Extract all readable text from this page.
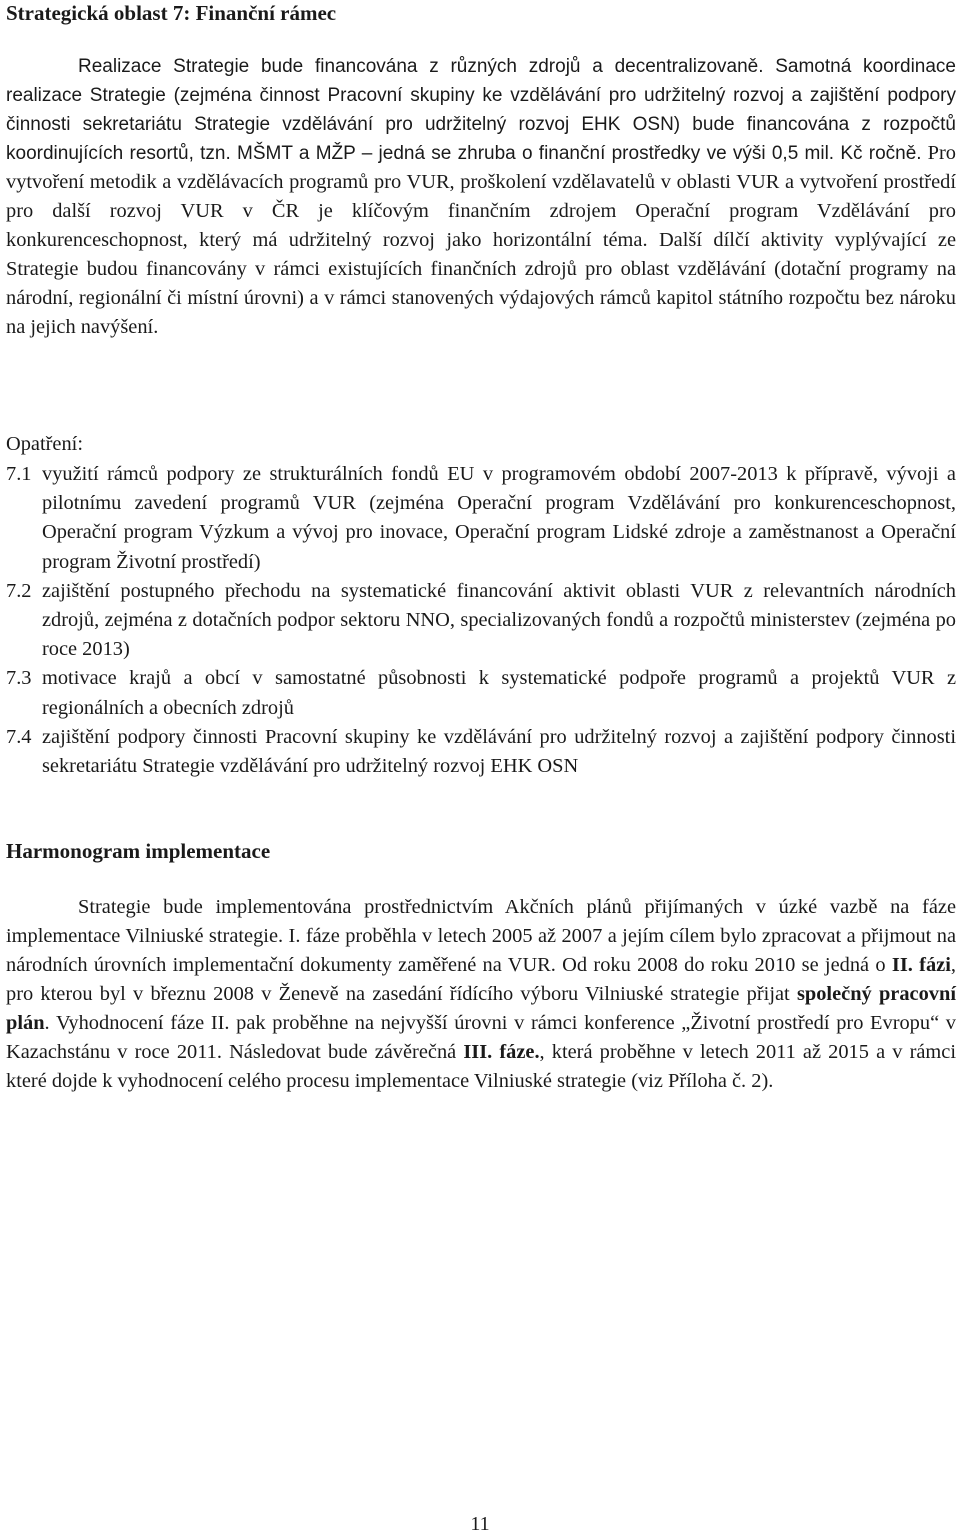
Strategická oblast 7: Finanční rámec

Realizace Strategie bude financována z různých zdrojů a decentralizovaně. Samotná koordinace realizace Strategie (zejména činnost Pracovní skupiny ke vzdělávání pro udržitelný rozvoj a zajištění podpory činnosti sekretariátu Strategie vzdělávání pro udržitelný rozvoj EHK OSN) bude financována z rozpočtů koordinujících resortů, tzn. MŠMT a MŽP – jedná se zhruba o finanční prostředky ve výši 0,5 mil. Kč ročně. Pro vytvoření metodik a vzdělávacích programů pro VUR, proškolení vzdělavatelů v oblasti VUR a vytvoření prostředí pro další rozvoj VUR v ČR je klíčovým finančním zdrojem Operační program Vzdělávání pro konkurenceschopnost, který má udržitelný rozvoj jako horizontální téma. Další dílčí aktivity vyplývající ze Strategie budou financovány v rámci existujících finančních zdrojů pro oblast vzdělávání (dotační programy na národní, regionální či místní úrovni) a v rámci stanovených výdajových rámců kapitol státního rozpočtu bez nároku na jejich navýšení.

Opatření:

7.1 využití rámců podpory ze strukturálních fondů EU v programovém období 2007-2013 k přípravě, vývoji a pilotnímu zavedení programů VUR (zejména Operační program Vzdělávání pro konkurenceschopnost, Operační program Výzkum a vývoj pro inovace, Operační program Lidské zdroje a zaměstnanost a Operační program Životní prostředí)
7.2 zajištění postupného přechodu na systematické financování aktivit oblasti VUR z relevantních národních zdrojů, zejména z dotačních podpor sektoru NNO, specializovaných fondů a rozpočtů ministerstev (zejména po roce 2013)
7.3 motivace krajů a obcí v samostatné působnosti k systematické podpoře programů a projektů VUR z regionálních a obecních zdrojů
7.4 zajištění podpory činnosti Pracovní skupiny ke vzdělávání pro udržitelný rozvoj a zajištění podpory činnosti sekretariátu Strategie vzdělávání pro udržitelný rozvoj EHK OSN
Harmonogram implementace

Strategie bude implementována prostřednictvím Akčních plánů přijímaných v úzké vazbě na fáze implementace Vilniuské strategie. I. fáze proběhla v letech 2005 až 2007 a jejím cílem bylo zpracovat a přijmout na národních úrovních implementační dokumenty zaměřené na VUR. Od roku 2008 do roku 2010 se jedná o II. fázi, pro kterou byl v březnu 2008 v Ženevě na zasedání řídícího výboru Vilniuské strategie přijat společný pracovní plán. Vyhodnocení fáze II. pak proběhne na nejvyšší úrovni v rámci konference „Životní prostředí pro Evropu“ v Kazachstánu v roce 2011. Následovat bude závěrečná III. fáze., která proběhne v letech 2011 až 2015 a v rámci které dojde k vyhodnocení celého procesu implementace Vilniuské strategie (viz Příloha č. 2).

11
